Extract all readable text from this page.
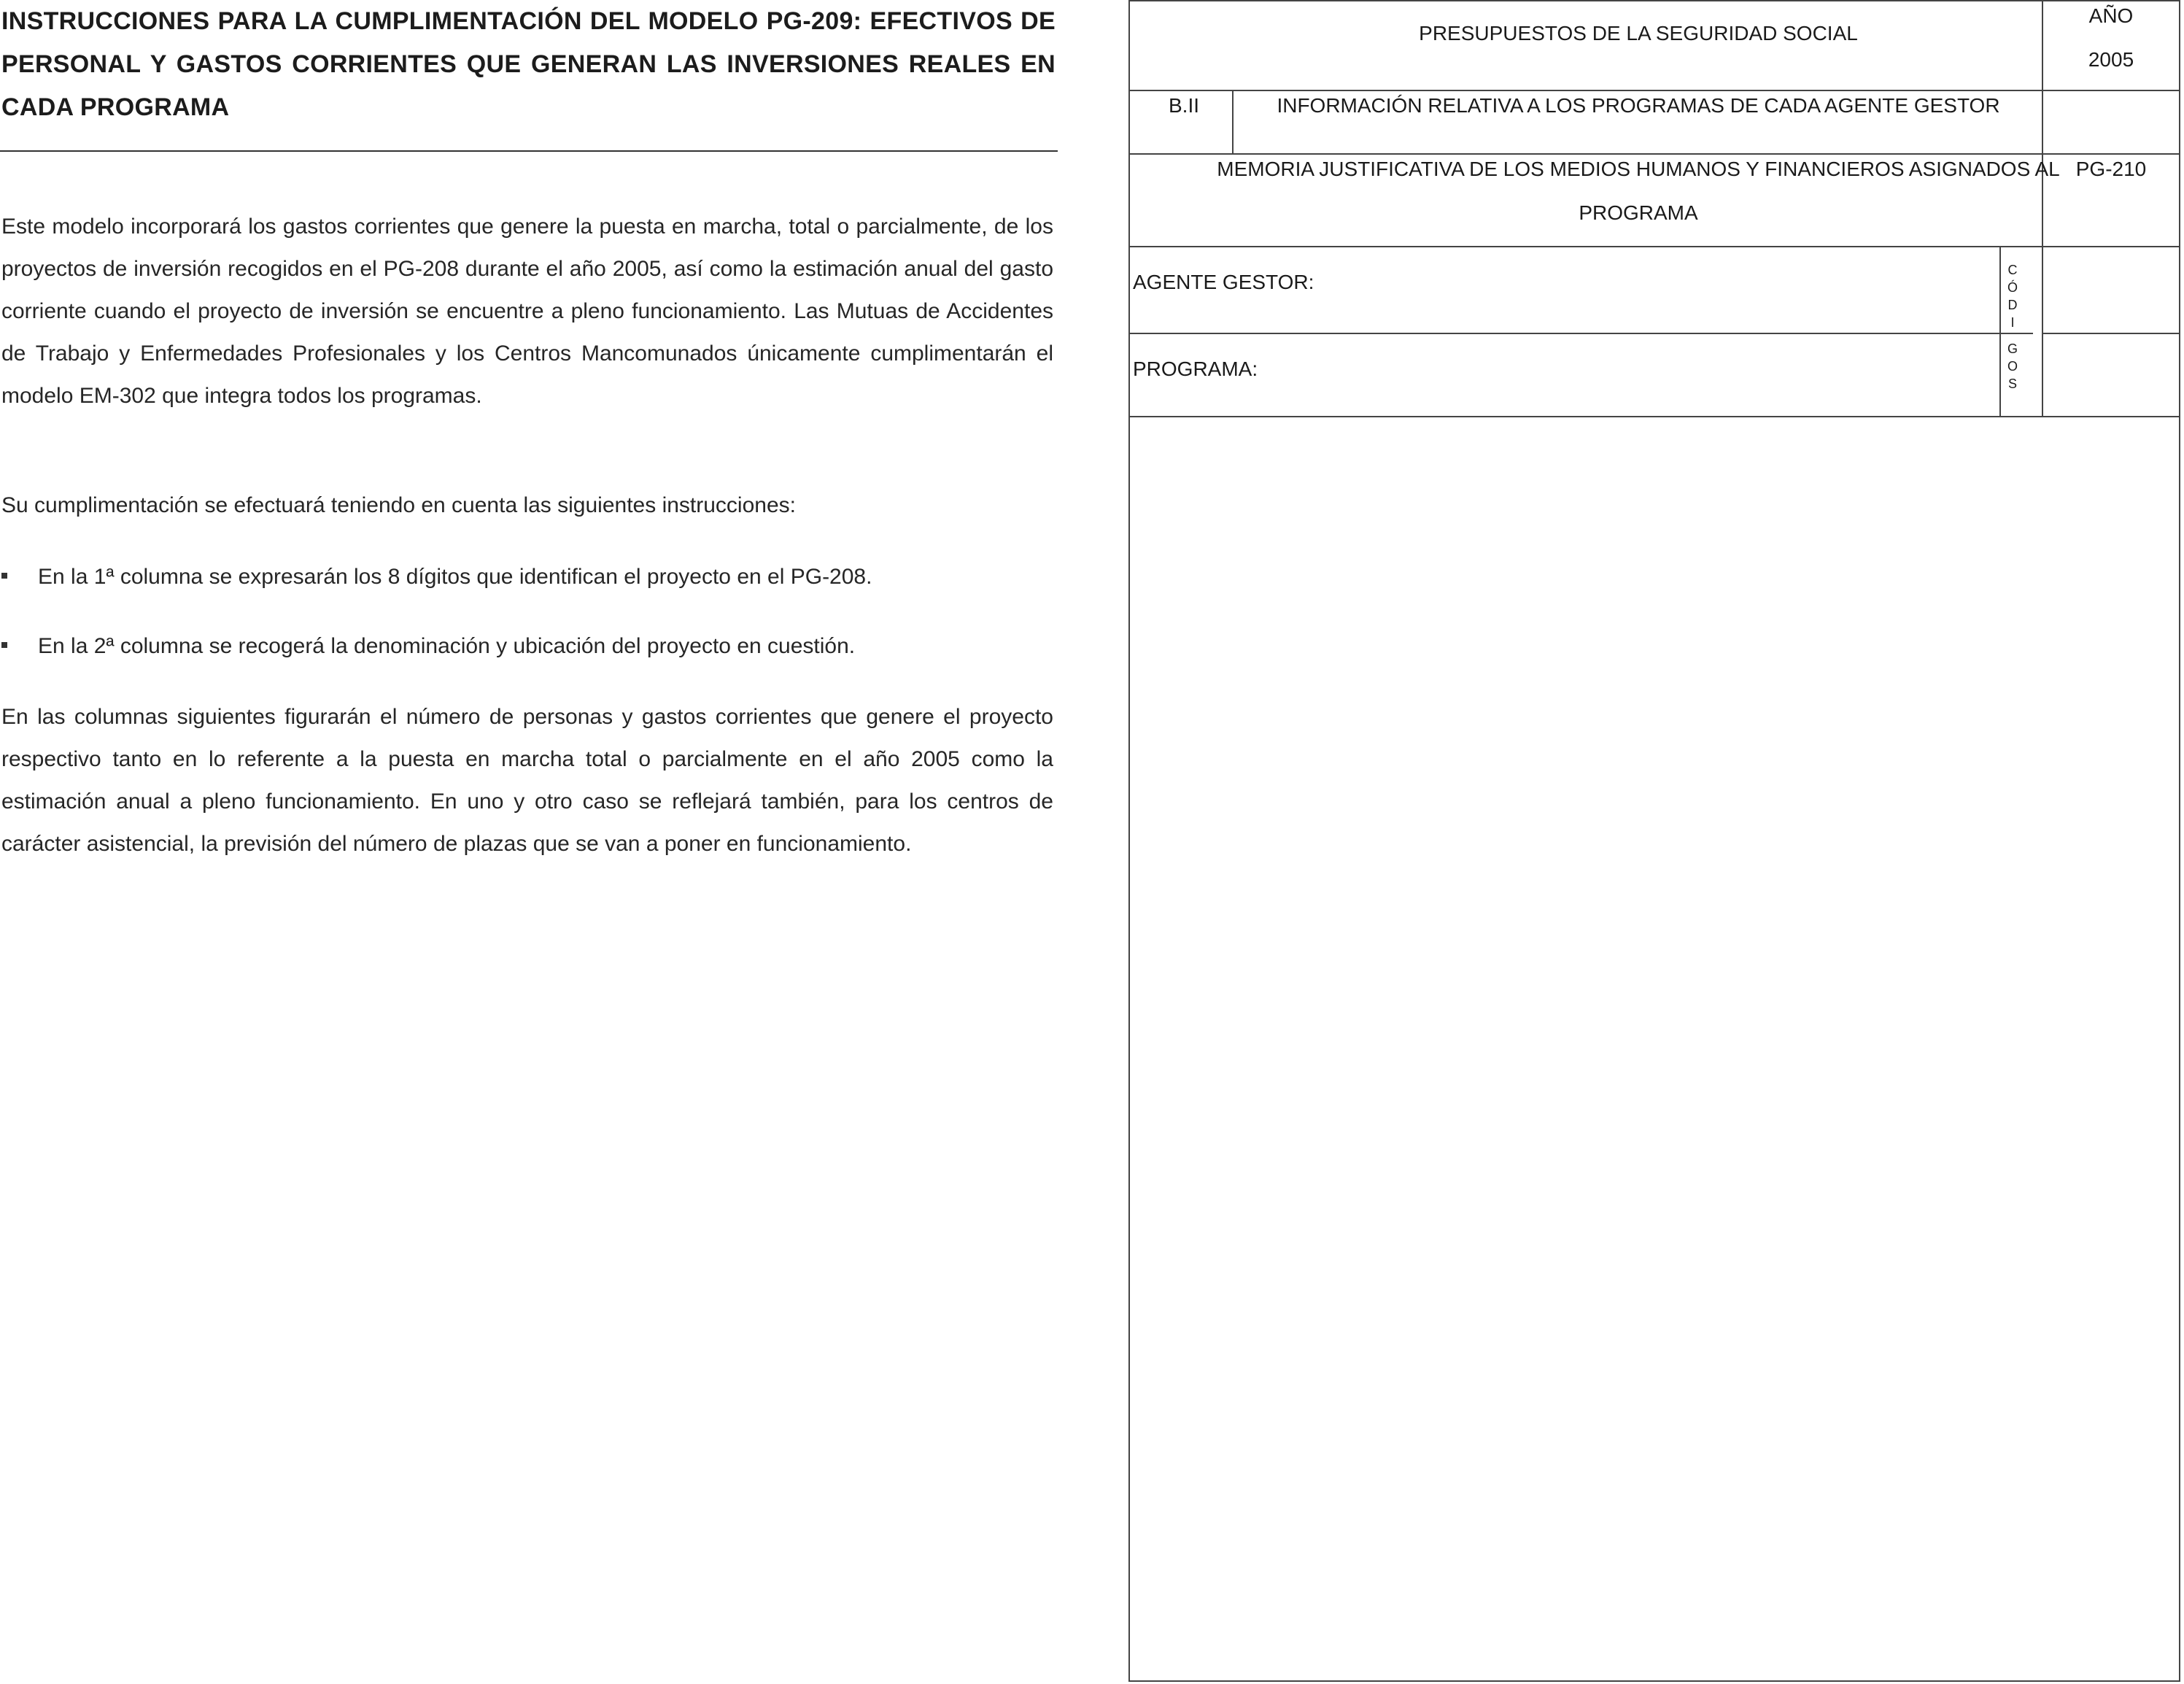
INSTRUCCIONES PARA LA CUMPLIMENTACIÓN DEL MODELO PG-209: EFECTIVOS DE PERSONAL Y GASTOS CORRIENTES QUE GENERAN LAS INVERSIONES REALES EN CADA PROGRAMA

Este modelo incorporará los gastos corrientes que genere la puesta en marcha, total o parcialmente, de los proyectos de inversión recogidos en el PG-208 durante el año 2005, así como la estimación anual del gasto corriente cuando el proyecto de inversión se encuentre a pleno funcionamiento. Las Mutuas de Accidentes de Trabajo y Enfermedades Profesionales y los Centros Mancomunados únicamente cumplimentarán el modelo EM-302 que integra todos los programas.

Su cumplimentación se efectuará teniendo en cuenta las siguientes instrucciones:

En la 1ª columna se expresarán los 8 dígitos que identifican el proyecto en el PG-208.
En la 2ª columna se recogerá la denominación y ubicación del proyecto en cuestión.

En las columnas siguientes figurarán el número de personas y gastos corrientes que genere el proyecto respectivo tanto en lo referente a la puesta en marcha total o parcialmente en el año 2005 como la estimación anual a pleno funcionamiento. En uno y otro caso se reflejará también, para los centros de carácter asistencial, la previsión del número de plazas que se van a poner en funcionamiento.

PRESUPUESTOS DE LA SEGURIDAD SOCIAL
AÑO
2005
B.II	INFORMACIÓN RELATIVA A LOS PROGRAMAS DE CADA AGENTE GESTOR
MEMORIA JUSTIFICATIVA DE LOS MEDIOS HUMANOS Y FINANCIEROS ASIGNADOS AL
PROGRAMA
PG-210
AGENTE GESTOR:
PROGRAMA:
C
Ó
D
I
G
O
S
